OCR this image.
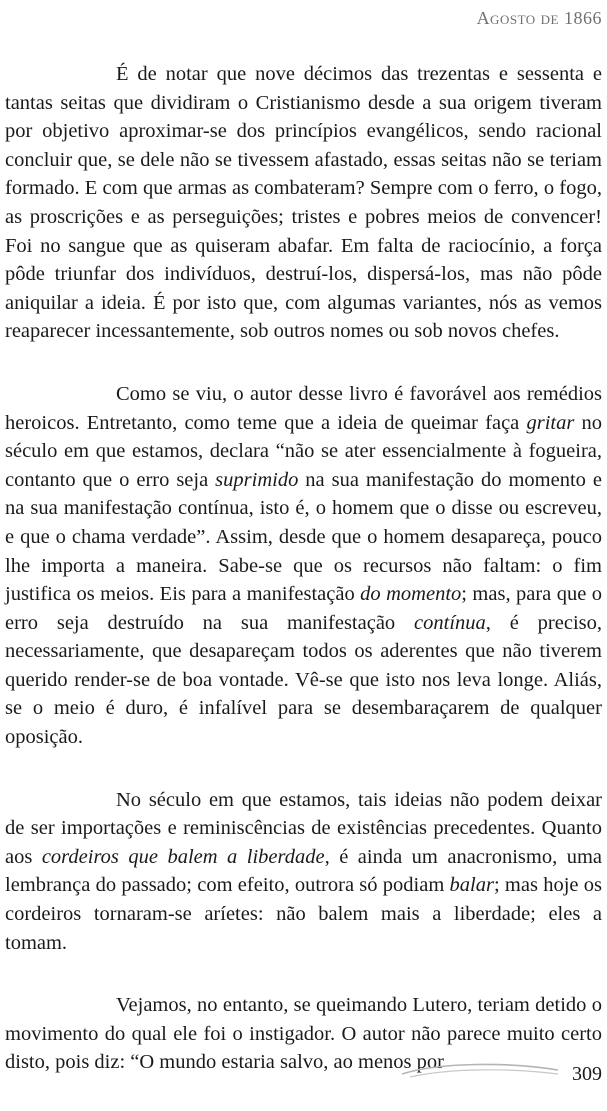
Agosto de 1866

É de notar que nove décimos das trezentas e sessenta e tantas seitas que dividiram o Cristianismo desde a sua origem tiveram por objetivo aproximar-se dos princípios evangélicos, sendo racional concluir que, se dele não se tivessem afastado, essas seitas não se teriam formado. E com que armas as combateram? Sempre com o ferro, o fogo, as proscrições e as perseguições; tristes e pobres meios de convencer! Foi no sangue que as quiseram abafar. Em falta de raciocínio, a força pôde triunfar dos indivíduos, destruí-los, dispersá-los, mas não pôde aniquilar a ideia. É por isto que, com algumas variantes, nós as vemos reaparecer incessantemente, sob outros nomes ou sob novos chefes.

Como se viu, o autor desse livro é favorável aos remédios heroicos. Entretanto, como teme que a ideia de queimar faça gritar no século em que estamos, declara “não se ater essencialmente à fogueira, contanto que o erro seja suprimido na sua manifestação do momento e na sua manifestação contínua, isto é, o homem que o disse ou escreveu, e que o chama verdade”. Assim, desde que o homem desapareça, pouco lhe importa a maneira. Sabe-se que os recursos não faltam: o fim justifica os meios. Eis para a manifestação do momento; mas, para que o erro seja destruído na sua manifestação contínua, é preciso, necessariamente, que desapareçam todos os aderentes que não tiverem querido render-se de boa vontade. Vê-se que isto nos leva longe. Aliás, se o meio é duro, é infalível para se desembaraçarem de qualquer oposição.

No século em que estamos, tais ideias não podem deixar de ser importações e reminiscências de existências precedentes. Quanto aos cordeiros que balem a liberdade, é ainda um anacronismo, uma lembrança do passado; com efeito, outrora só podiam balar; mas hoje os cordeiros tornaram-se aríetes: não balem mais a liberdade; eles a tomam.

Vejamos, no entanto, se queimando Lutero, teriam detido o movimento do qual ele foi o instigador. O autor não parece muito certo disto, pois diz: “O mundo estaria salvo, ao menos por

309
